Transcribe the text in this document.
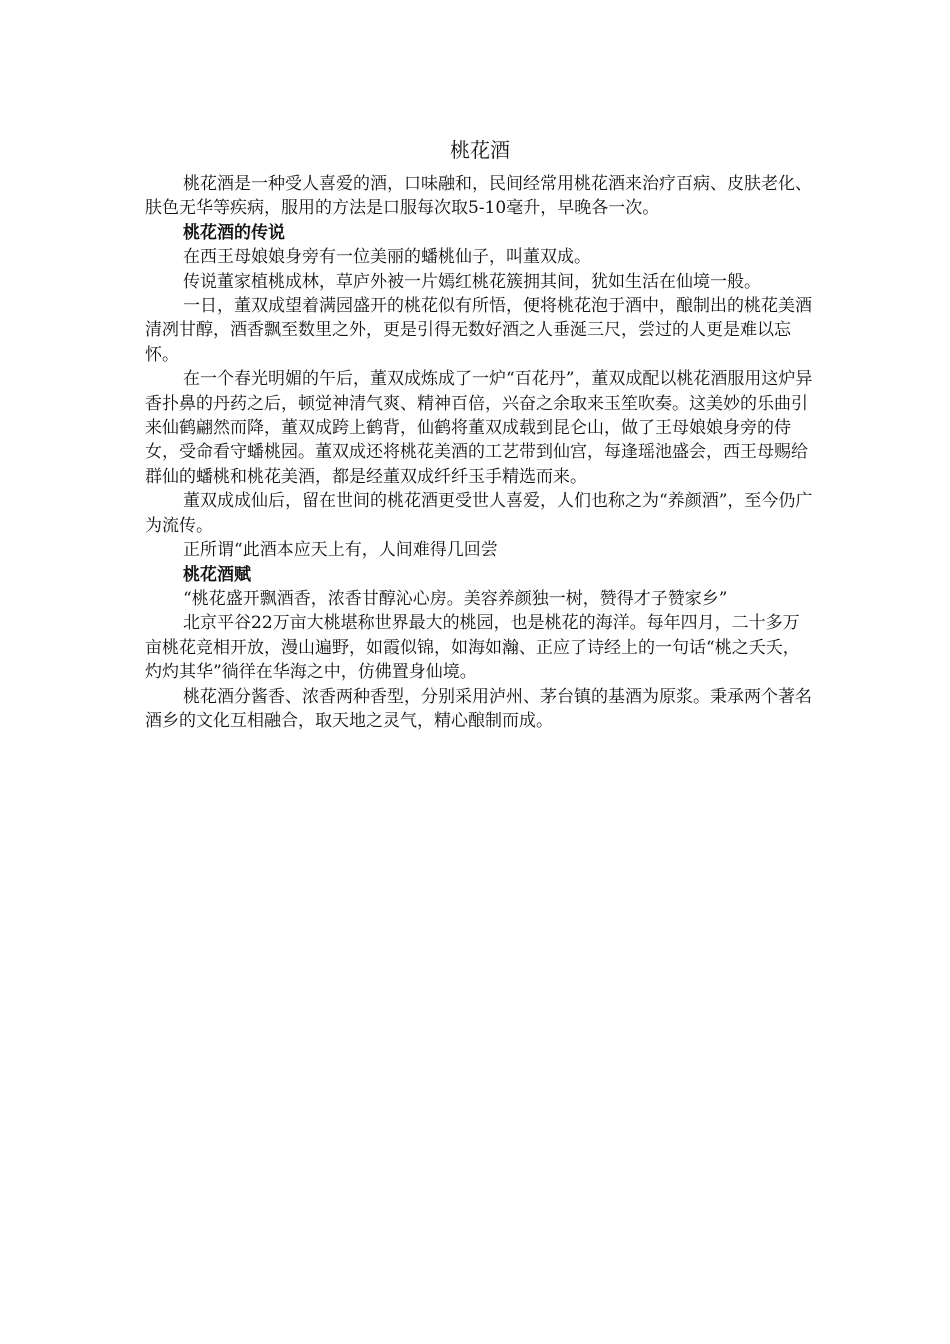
桃花酒

桃花酒是一种受人喜爱的酒，口味融和，民间经常用桃花酒来治疗百病、皮肤老化、肤色无华等疾病，服用的方法是口服每次取5-10毫升，早晚各一次。

桃花酒的传说

在西王母娘娘身旁有一位美丽的蟠桃仙子，叫董双成。

传说董家植桃成林，草庐外被一片嫣红桃花簇拥其间，犹如生活在仙境一般。

一日，董双成望着满园盛开的桃花似有所悟，便将桃花泡于酒中，酿制出的桃花美酒清冽甘醇，酒香飘至数里之外，更是引得无数好酒之人垂涎三尺，尝过的人更是难以忘怀。

在一个春光明媚的午后，董双成炼成了一炉“百花丹”，董双成配以桃花酒服用这炉异香扑鼻的丹药之后，顿觉神清气爽、精神百倍，兴奋之余取来玉笙吹奏。这美妙的乐曲引来仙鹤翩然而降，董双成跨上鹤背，仙鹤将董双成载到昆仑山，做了王母娘娘身旁的侍女，受命看守蟠桃园。董双成还将桃花美酒的工艺带到仙宫，每逢瑶池盛会，西王母赐给群仙的蟠桃和桃花美酒，都是经董双成纤纤玉手精选而来。

董双成成仙后，留在世间的桃花酒更受世人喜爱，人们也称之为“养颜酒”，至今仍广为流传。

正所谓“此酒本应天上有，人间难得几回尝

桃花酒赋

“桃花盛开飘酒香，浓香甘醇沁心房。美容养颜独一树，赞得才子赞家乡”

北京平谷22万亩大桃堪称世界最大的桃园，也是桃花的海洋。每年四月，二十多万亩桃花竞相开放，漫山遍野，如霞似锦，如海如瀚、正应了诗经上的一句话“桃之夭夭，灼灼其华”徜徉在华海之中，仿佛置身仙境。

桃花酒分酱香、浓香两种香型，分别采用泸州、茅台镇的基酒为原浆。秉承两个著名酒乡的文化互相融合，取天地之灵气，精心酿制而成。
